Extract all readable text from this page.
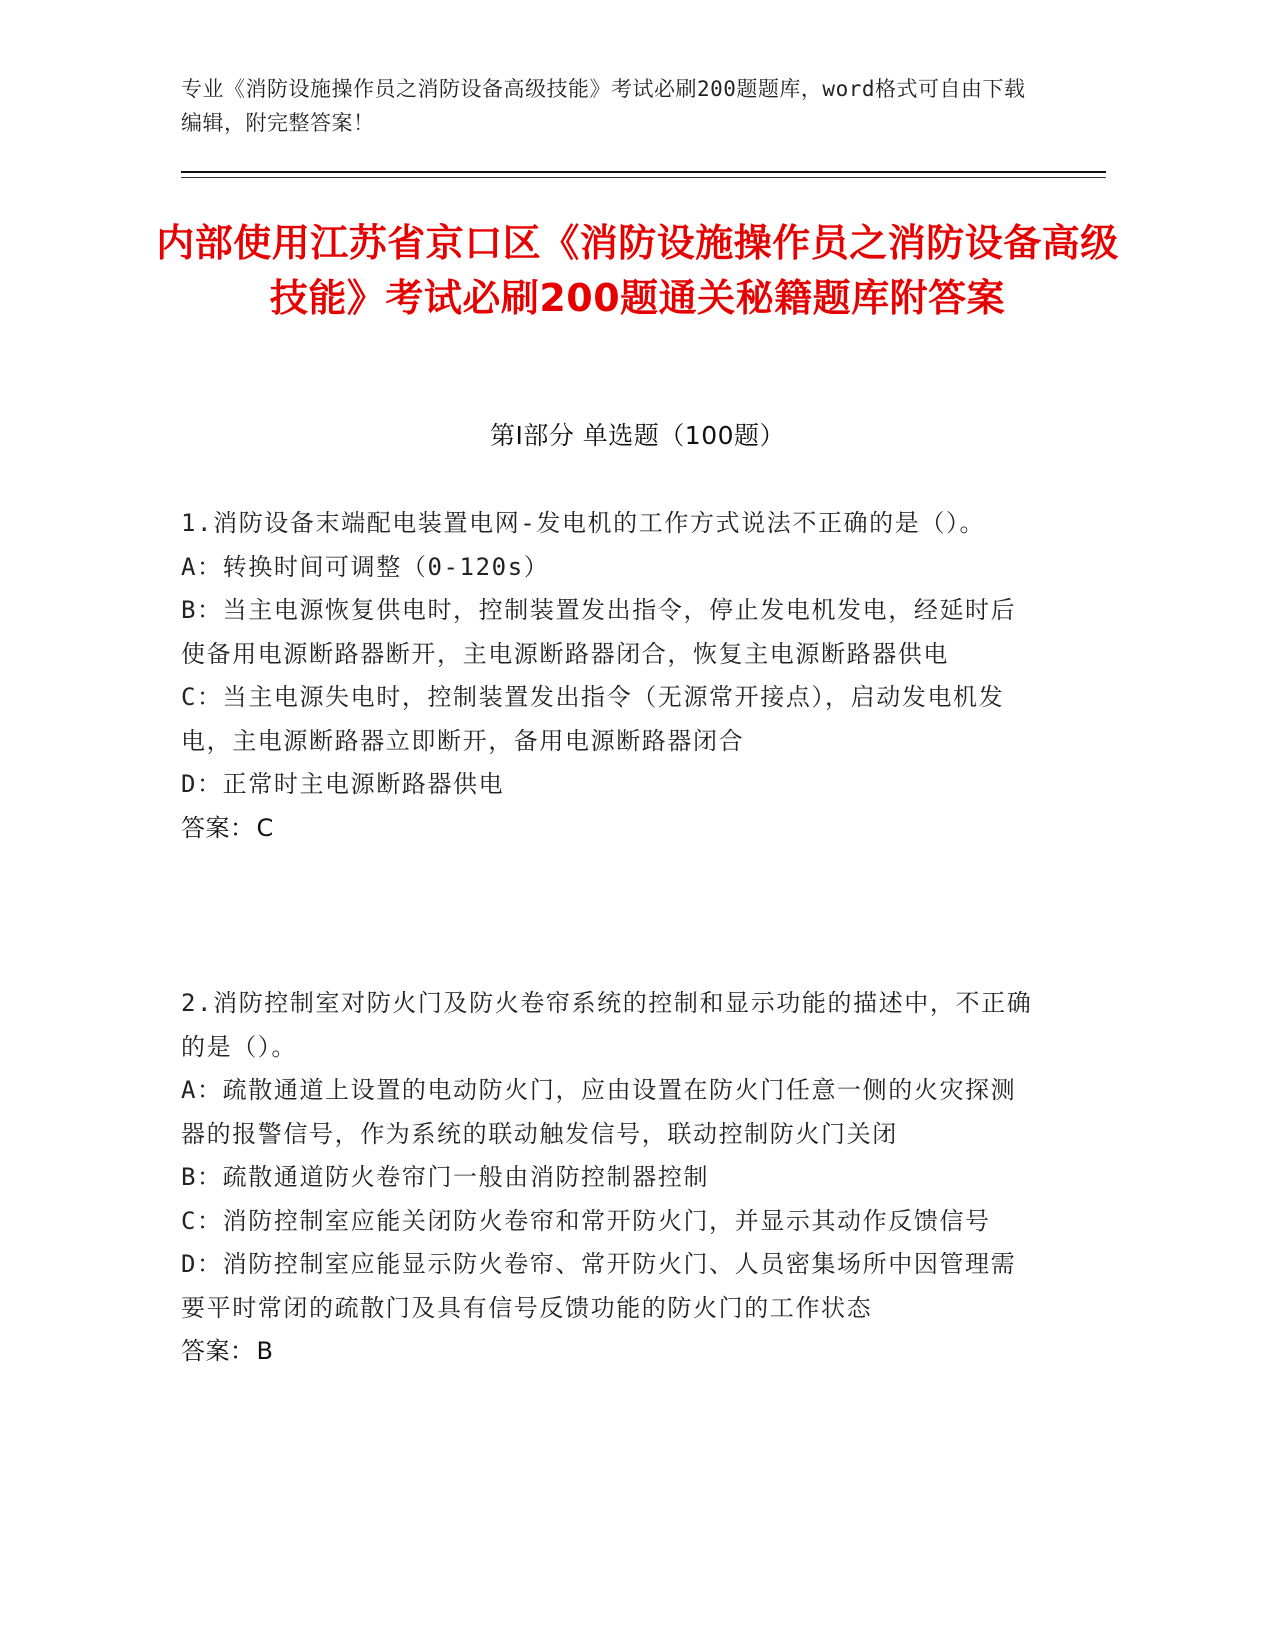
专业《消防设施操作员之消防设备高级技能》考试必刷200题题库，word格式可自由下载编辑，附完整答案！
内部使用江苏省京口区《消防设施操作员之消防设备高级技能》考试必刷200题通关秘籍题库附答案
第Ⅰ部分 单选题（100题）
1.消防设备末端配电装置电网-发电机的工作方式说法不正确的是（）。
A：转换时间可调整（0-120s）
B：当主电源恢复供电时，控制装置发出指令，停止发电机发电，经延时后使备用电源断路器断开，主电源断路器闭合，恢复主电源断路器供电
C：当主电源失电时，控制装置发出指令（无源常开接点），启动发电机发电，主电源断路器立即断开，备用电源断路器闭合
D：正常时主电源断路器供电
答案：C
2.消防控制室对防火门及防火卷帘系统的控制和显示功能的描述中，不正确的是（）。
A：疏散通道上设置的电动防火门，应由设置在防火门任意一侧的火灾探测器的报警信号，作为系统的联动触发信号，联动控制防火门关闭
B：疏散通道防火卷帘门一般由消防控制器控制
C：消防控制室应能关闭防火卷帘和常开防火门，并显示其动作反馈信号
D：消防控制室应能显示防火卷帘、常开防火门、人员密集场所中因管理需要平时常闭的疏散门及具有信号反馈功能的防火门的工作状态
答案：B
